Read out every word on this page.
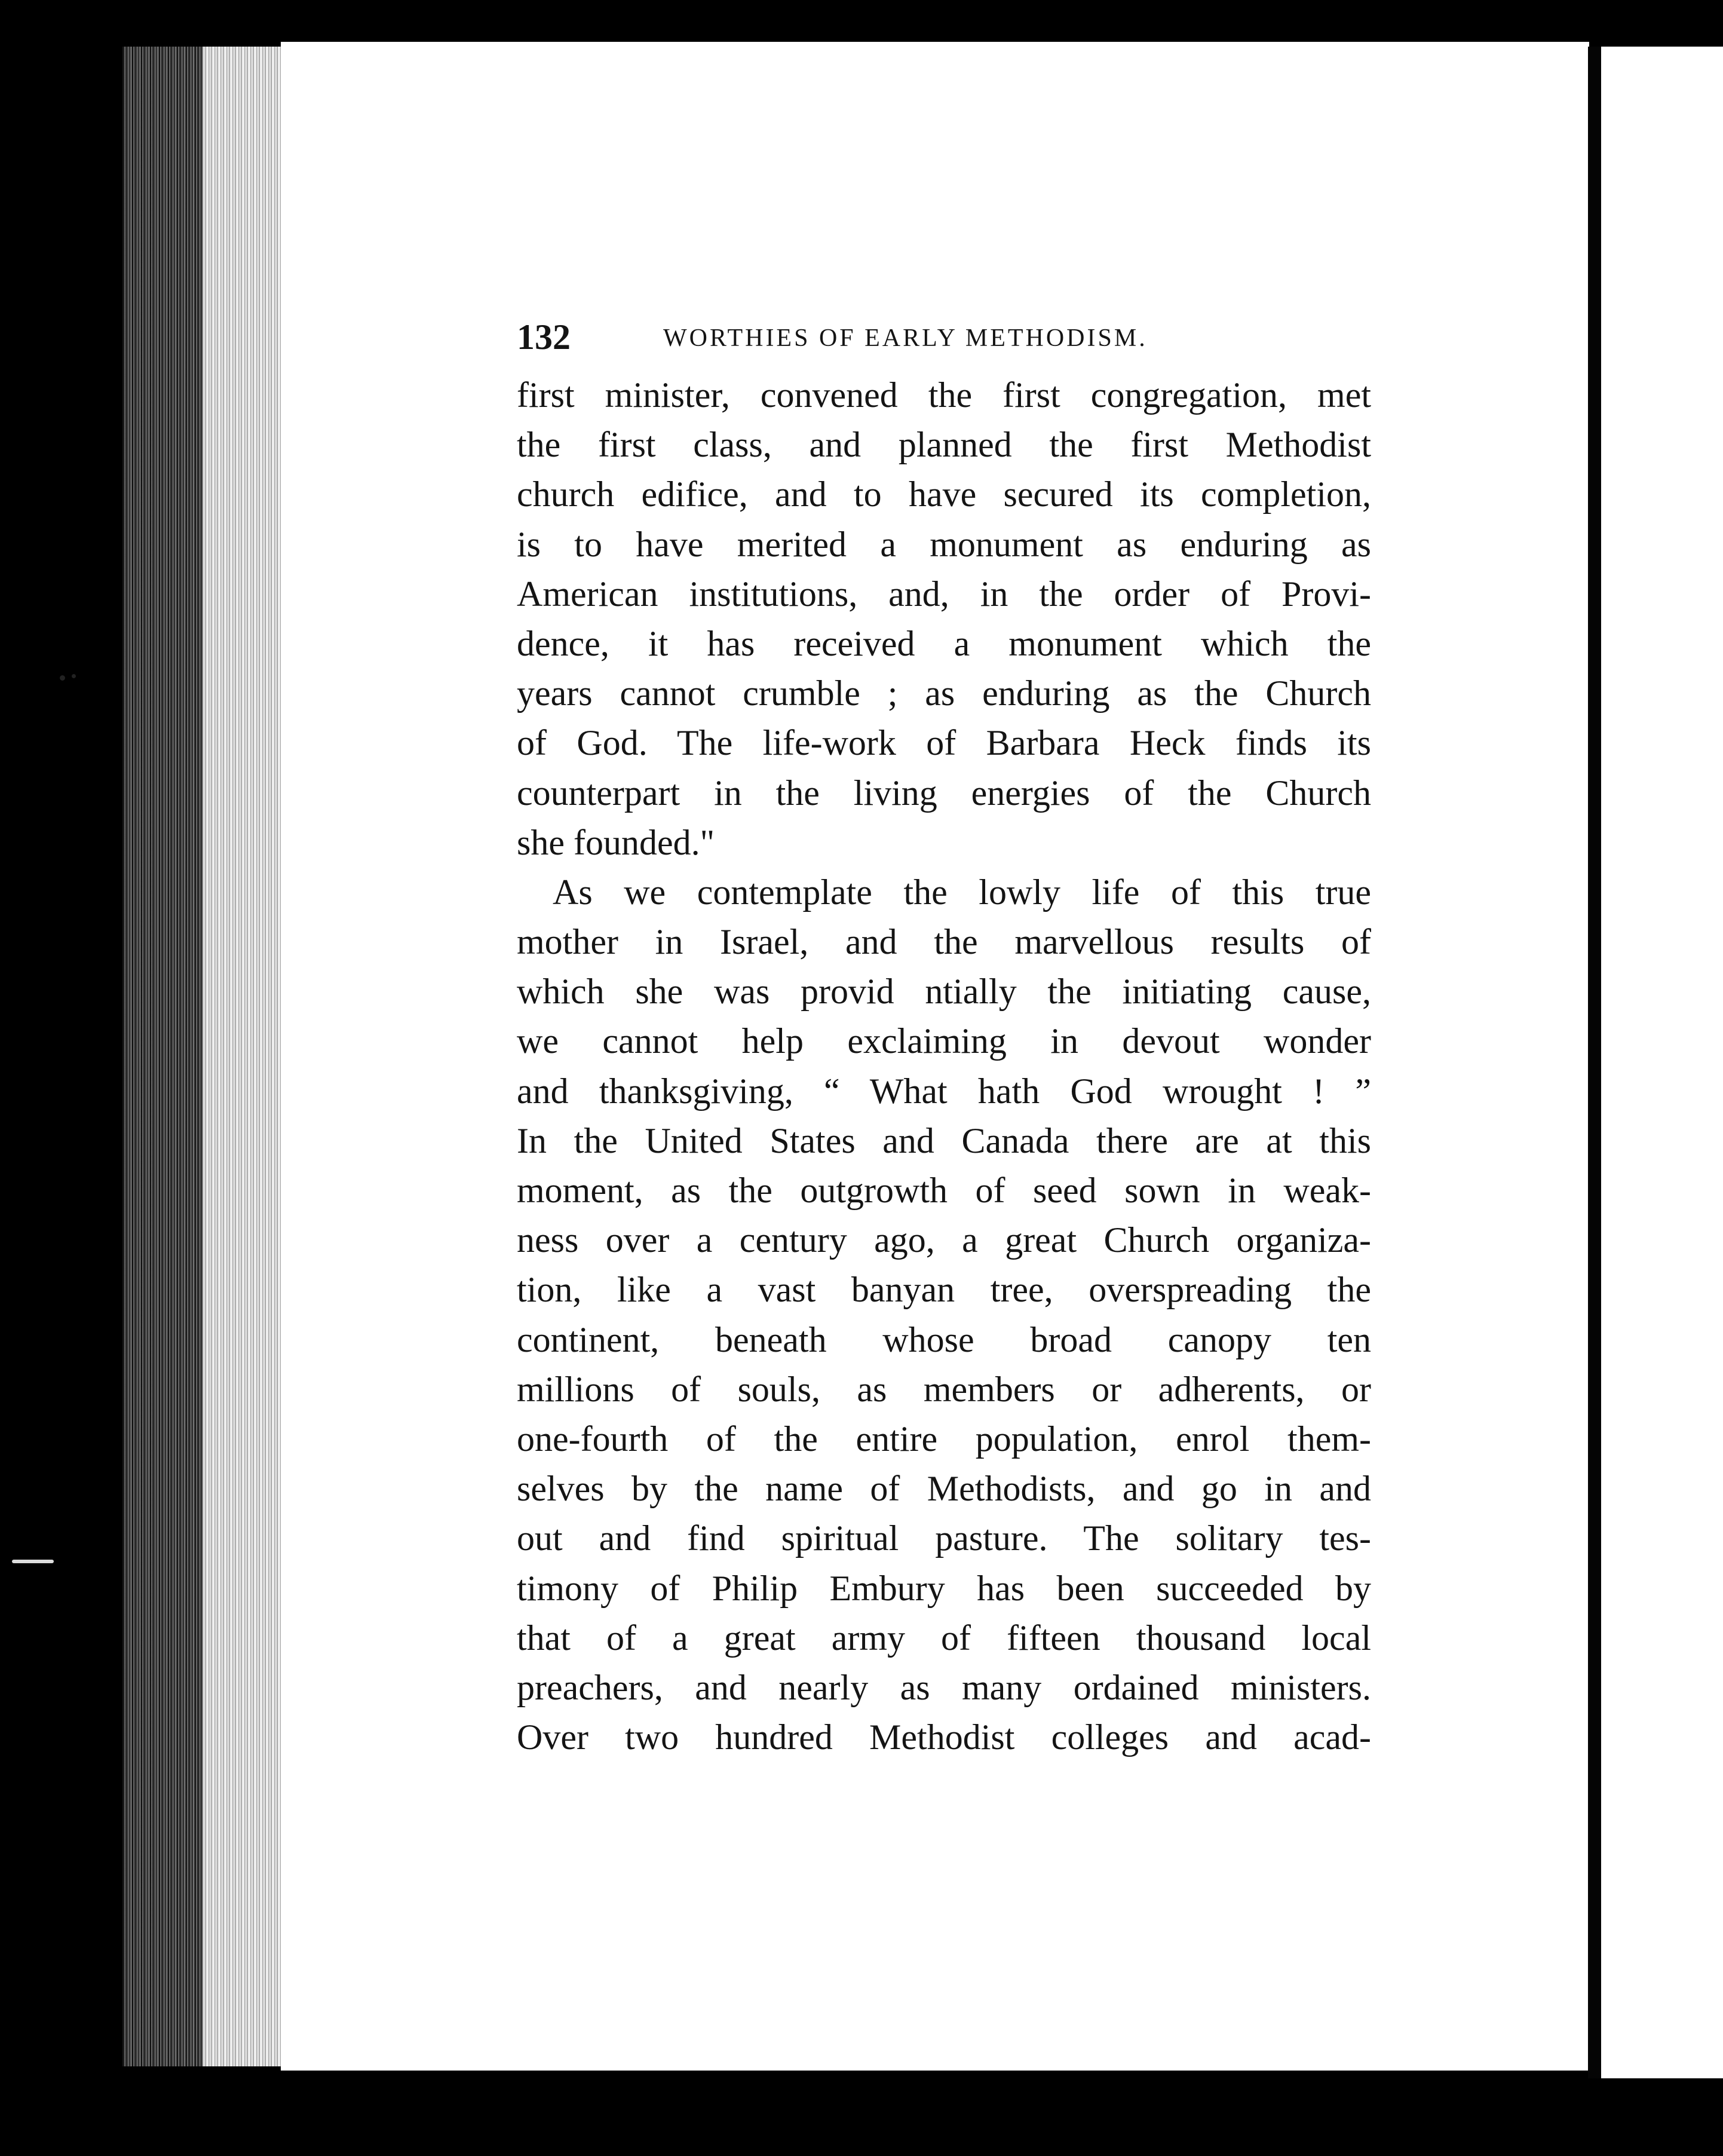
132	WORTHIES OF EARLY METHODISM.
first minister, convened the first congregation, met
the first class, and planned the first Methodist
church edifice, and to have secured its completion,
is to have merited a monument as enduring as
American institutions, and, in the order of Provi-
dence, it has received a monument which the
years cannot crumble ; as enduring as the Church
of God. The life-work of Barbara Heck finds its
counterpart in the living energies of the Church
she founded."
As we contemplate the lowly life of this true
mother in Israel, and the marvellous results of
which she was provid ntially the initiating cause,
we cannot help exclaiming in devout wonder
and thanksgiving, “ What hath God wrought ! ”
In the United States and Canada there are at this
moment, as the outgrowth of seed sown in weak-
ness over a century ago, a great Church organiza-
tion, like a vast banyan tree, overspreading the
continent, beneath whose broad canopy ten
millions of souls, as members or adherents, or
one-fourth of the entire population, enrol them-
selves by the name of Methodists, and go in and
out and find spiritual pasture. The solitary tes-
timony of Philip Embury has been succeeded by
that of a great army of fifteen thousand local
preachers, and nearly as many ordained ministers.
Over two hundred Methodist colleges and acad-
